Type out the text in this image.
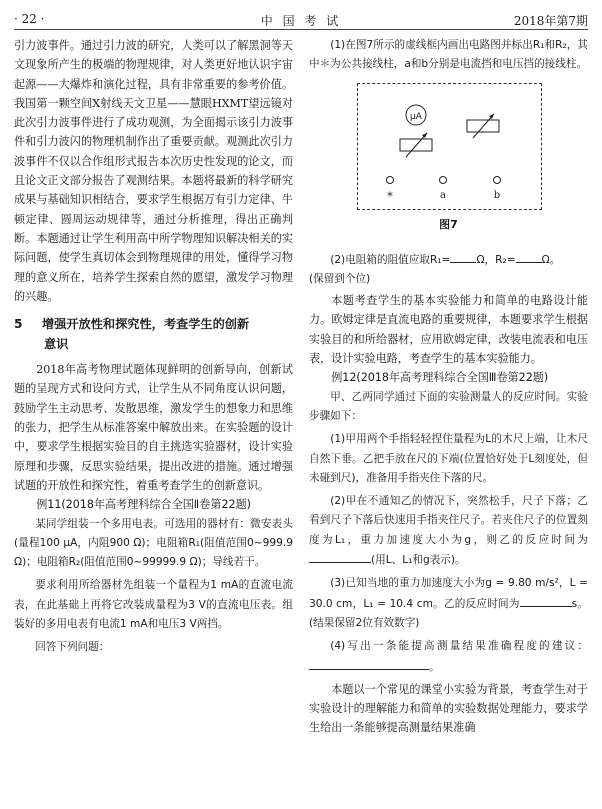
· 22 ·	中 国 考 试	2018年第7期

引力波事件。通过引力波的研究，人类可以了解黑洞等天文现象所产生的极端的物理规律，对人类更好地认识宇宙起源——大爆炸和演化过程，具有非常重要的参考价值。我国第一颗空间X射线天文卫星——慧眼HXMT望远镜对此次引力波事件进行了成功观测，为全面揭示该引力波事件和引力波闪的物理机制作出了重要贡献。观测此次引力波事件不仅以合作组形式报告本次历史性发现的论文，而且论文正文部分报告了观测结果。本题将最新的科学研究成果与基础知识相结合，要求学生根据万有引力定律、牛顿定律、圆周运动规律等，通过分析推理，得出正确判断。本题通过让学生利用高中所学物理知识解决相关的实际问题，使学生真切体会到物理规律的用处，懂得学习物理的意义所在，培养学生探索自然的愿望，激发学习物理的兴趣。

5 增强开放性和探究性，考查学生的创新
意识

2018年高考物理试题体现鲜明的创新导向，创新试题的呈现方式和设问方式，让学生从不同角度认识问题，鼓励学生主动思考、发散思维，激发学生的想象力和思维的张力，把学生从标准答案中解放出来。在实验题的设计中，要求学生根据实验目的自主挑选实验器材，设计实验原理和步骤，反思实验结果，提出改进的措施。通过增强试题的开放性和探究性，着重考查学生的创新意识。

例11(2018年高考理科综合全国Ⅱ卷第22题)

某同学组装一个多用电表。可选用的器材有：微安表头(量程100 μA，内阻900 Ω)；电阻箱R₁(阻值范围0~999.9 Ω)；电阻箱R₂(阻值范围0~99999.9 Ω)；导线若干。

要求利用所给器材先组装一个量程为1 mA的直流电流表，在此基础上再将它改装成量程为3 V的直流电压表。组装好的多用电表有电流1 mA和电压3 V两挡。

回答下列问题：

(1)在图7所示的虚线框内画出电路图并标出R₁和R₂，其中＊为公共接线柱，a和b分别是电流挡和电压挡的接线柱。

μA
*	a	b
图7

(2)电阻箱的阻值应取R₁= Ω，R₂= Ω。

(保留到个位)

本题考查学生的基本实验能力和简单的电路设计能力。欧姆定律是直流电路的重要规律，本题要求学生根据实验目的和所给器材，应用欧姆定律，改装电流表和电压表，设计实验电路，考查学生的基本实验能力。

例12(2018年高考理科综合全国Ⅲ卷第22题)

甲、乙两同学通过下面的实验测量人的反应时间。实验步骤如下：

(1)甲用两个手指轻轻捏住量程为L的木尺上端，让木尺自然下垂。乙把手放在尺的下端(位置恰好处于L刻度处，但未碰到尺)，准备用手指夹住下落的尺。

(2)甲在不通知乙的情况下，突然松手，尺子下落；乙看到尺子下落后快速用手指夹住尺子。若夹住尺子的位置刻度为L₁，重力加速度大小为g，则乙的反应时间为(用L、L₁和g表示)。

(3)已知当地的重力加速度大小为g = 9.80 m/s²，L = 30.0 cm，L₁ = 10.4 cm。乙的反应时间为	s。(结果保留2位有效数字)

(4)写出一条能提高测量结果准确程度的建议：。

本题以一个常见的课堂小实验为背景，考查学生对于实验设计的理解能力和简单的实验数据处理能力，要求学生给出一条能够提高测量结果准确
